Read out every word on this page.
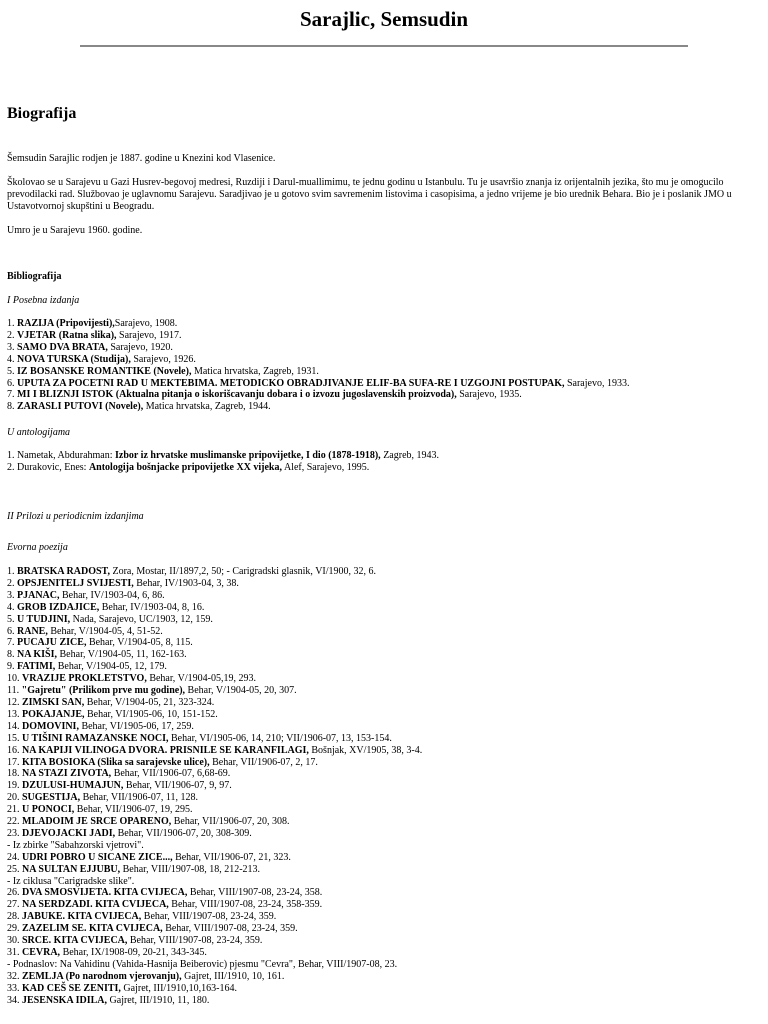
Sarajlic, Semsudin
Biografija

Šemsudin Sarajlic rodjen je 1887. godine u Knezini kod Vlasenice.

Školovao se u Sarajevu u Gazi Husrev-begovoj medresi, Ruzdiji i Darul-muallimimu, te jednu godinu u Istanbulu. Tu je usavršio znanja iz orijentalnih jezika, što mu je omogucilo prevodilacki rad. Službovao je uglavnomu Sarajevu. Saradjivao je u gotovo svim savremenim listovima i casopisima, a jedno vrijeme je bio urednik Behara. Bio je i poslanik JMO u Ustavotvornoj skupštini u Beogradu.

Umro je u Sarajevu 1960. godine.

Bibliografija

I Posebna izdanja

1. RAZIJA (Pripovijesti),Sarajevo, 1908.
2. VJETAR (Ratna slika), Sarajevo, 1917.
3. SAMO DVA BRATA, Sarajevo, 1920.
4. NOVA TURSKA (Studija), Sarajevo, 1926.
5. IZ BOSANSKE ROMANTIKE (Novele), Matica hrvatska, Zagreb, 1931.
6. UPUTA ZA POCETNI RAD U MEKTEBIMA. METODICKO OBRADJIVANJE ELIF-BA SUFA-RE I UZGOJNI POSTUPAK, Sarajevo, 1933.
7. MI I BLIZNJI ISTOK (Aktualna pitanja o iskorišcavanju dobara i o izvozu jugoslavenskih proizvoda), Sarajevo, 1935.
8. ZARASLI PUTOVI (Novele), Matica hrvatska, Zagreb, 1944.

U antologijama

1. Nametak, Abdurahman: Izbor iz hrvatske muslimanske pripovijetke, I dio (1878-1918), Zagreb, 1943.
2. Durakovic, Enes: Antologija bošnjacke pripovijetke XX vijeka, Alef, Sarajevo, 1995.

II Prilozi u periodicnim izdanjima

Evorna poezija

1. BRATSKA RADOST, Zora, Mostar, II/1897,2, 50; - Carigradski glasnik, VI/1900, 32, 6.
2. OPSJENITELJ SVIJESTI, Behar, IV/1903-04, 3, 38.
3. PJANAC, Behar, IV/1903-04, 6, 86.
4. GROB IZDAJICE, Behar, IV/1903-04, 8, 16.
5. U TUDJINI, Nada, Sarajevo, UC/1903, 12, 159.
6. RANE, Behar, V/1904-05, 4, 51-52.
7. PUCAJU ZICE, Behar, V/1904-05, 8, 115.
8. NA KIŠI, Behar, V/1904-05, 11, 162-163.
9. FATIMI, Behar, V/1904-05, 12, 179.
10. VRAZIJE PROKLETSTVO, Behar, V/1904-05,19, 293.
11. "Gajretu" (Prilikom prve mu godine), Behar, V/1904-05, 20, 307.
12. ZIMSKI SAN, Behar, V/1904-05, 21, 323-324.
13. POKAJANJE, Behar, VI/1905-06, 10, 151-152.
14. DOMOVINI, Behar, VI/1905-06, 17, 259.
15. U TIŠINI RAMAZANSKE NOCI, Behar, VI/1905-06, 14, 210; VII/1906-07, 13, 153-154.
16. NA KAPIJI VILINOGA DVORA. PRISNILE SE KARANFILAGI, Bošnjak, XV/1905, 38, 3-4.
17. KITA BOSIOKA (Slika sa sarajevske ulice), Behar, VII/1906-07, 2, 17.
18. NA STAZI ZIVOTA, Behar, VII/1906-07, 6,68-69.
19. DZULUSI-HUMAJUN, Behar, VII/1906-07, 9, 97.
20. SUGESTIJA, Behar, VII/1906-07, 11, 128.
21. U PONOCI, Behar, VII/1906-07, 19, 295.
22. MLADOIM JE SRCE OPARENO, Behar, VII/1906-07, 20, 308.
23. DJEVOJACKI JADI, Behar, VII/1906-07, 20, 308-309.
- Iz zbirke "Sabahzorski vjetrovi".
24. UDRI POBRO U SICANE ZICE..., Behar, VII/1906-07, 21, 323.
25. NA SULTAN EJJUBU, Behar, VIII/1907-08, 18, 212-213.
- Iz ciklusa "Carigradske slike".
26. DVA SMOSVIJETA. KITA CVIJECA, Behar, VIII/1907-08, 23-24, 358.
27. NA SERDZADI. KITA CVIJECA, Behar, VIII/1907-08, 23-24, 358-359.
28. JABUKE. KITA CVIJECA, Behar, VIII/1907-08, 23-24, 359.
29. ZAZELIM SE. KITA CVIJECA, Behar, VIII/1907-08, 23-24, 359.
30. SRCE. KITA CVIJECA, Behar, VIII/1907-08, 23-24, 359.
31. CEVRA, Behar, IX/1908-09, 20-21, 343-345.
- Podnaslov: Na Vahidinu (Vahida-Hasnija Beiberovic) pjesmu "Cevra", Behar, VIII/1907-08, 23.
32. ZEMLJA (Po narodnom vjerovanju), Gajret, III/1910, 10, 161.
33. KAD CEŠ SE ZENITI, Gajret, III/1910,10,163-164.
34. JESENSKA IDILA, Gajret, III/1910, 11, 180.
